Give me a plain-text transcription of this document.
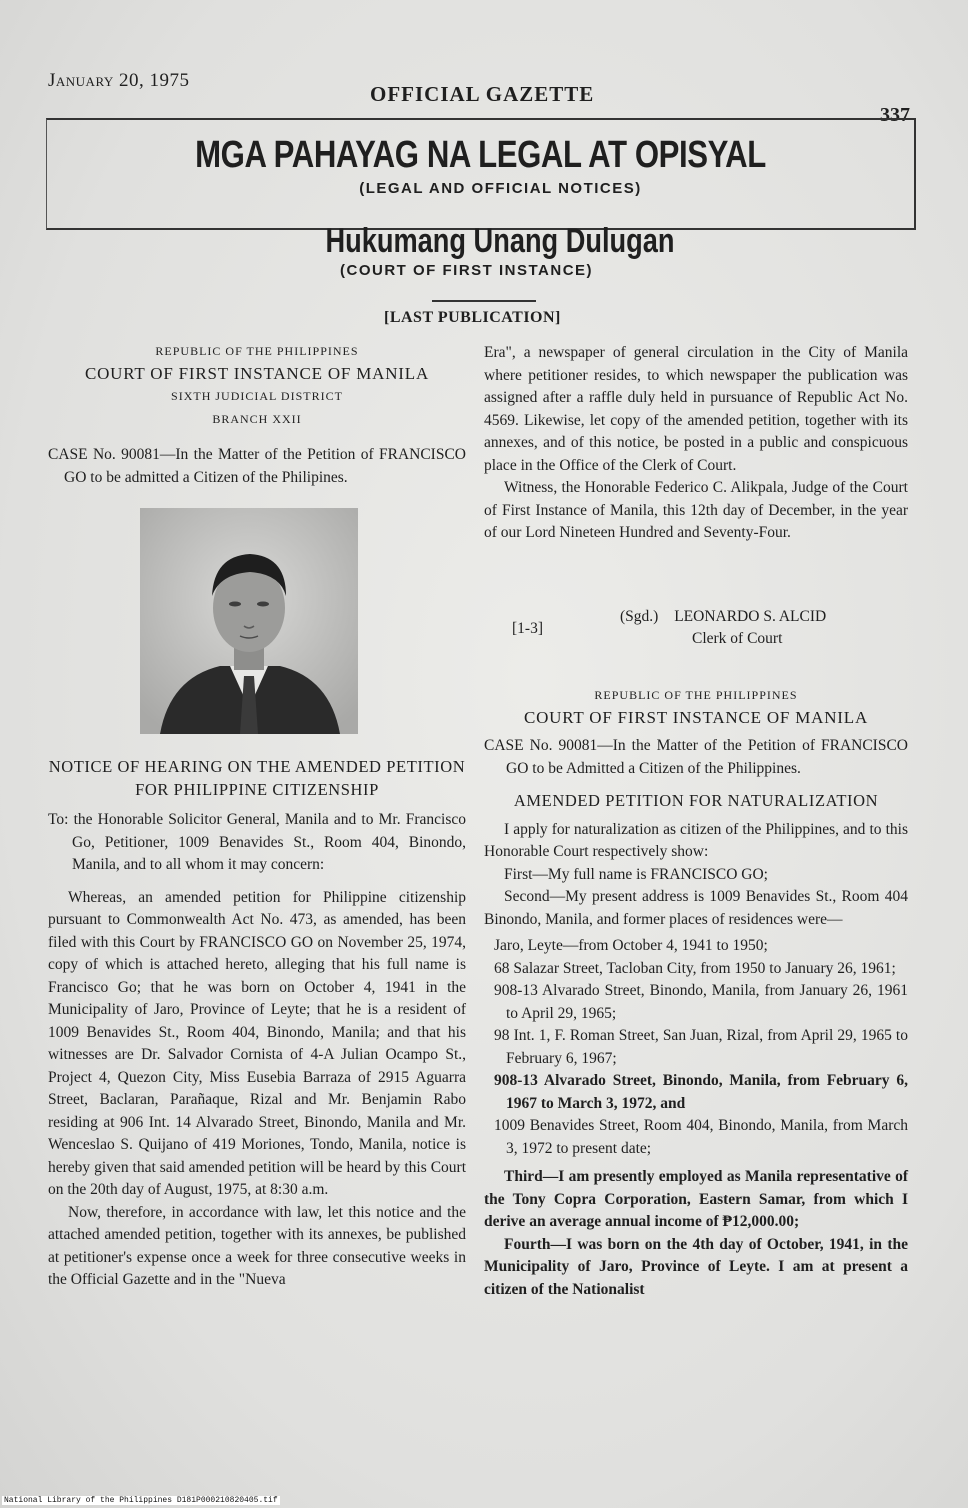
January 20, 1975
OFFICIAL GAZETTE
337
MGA PAHAYAG NA LEGAL AT OPISYAL
(LEGAL AND OFFICIAL NOTICES)
Hukumang Unang Dulugan
(COURT OF FIRST INSTANCE)
[LAST PUBLICATION]

REPUBLIC OF THE PHILIPPINES

COURT OF FIRST INSTANCE OF MANILA

SIXTH JUDICIAL DISTRICT

BRANCH XXII

CASE No. 90081—In the Matter of the Petition of FRANCISCO GO to be admitted a Citizen of the Philipines.

NOTICE OF HEARING ON THE AMENDED PETITION FOR PHILIPPINE CITIZENSHIP

To: the Honorable Solicitor General, Manila and to Mr. Francisco Go, Petitioner, 1009 Benavides St., Room 404, Binondo, Manila, and to all whom it may concern:

Whereas, an amended petition for Philippine citizenship pursuant to Commonwealth Act No. 473, as amended, has been filed with this Court by FRANCISCO GO on November 25, 1974, copy of which is attached hereto, alleging that his full name is Francisco Go; that he was born on October 4, 1941 in the Municipality of Jaro, Province of Leyte; that he is a resident of 1009 Benavides St., Room 404, Binondo, Manila; and that his witnesses are Dr. Salvador Cornista of 4-A Julian Ocampo St., Project 4, Quezon City, Miss Eusebia Barraza of 2915 Aguarra Street, Baclaran, Parañaque, Rizal and Mr. Benjamin Rabo residing at 906 Int. 14 Alvarado Street, Binondo, Manila and Mr. Wenceslao S. Quijano of 419 Moriones, Tondo, Manila, notice is hereby given that said amended petition will be heard by this Court on the 20th day of August, 1975, at 8:30 a.m.

Now, therefore, in accordance with law, let this notice and the attached amended petition, together with its annexes, be published at petitioner's expense once a week for three consecutive weeks in the Official Gazette and in the "Nueva

Era", a newspaper of general circulation in the City of Manila where petitioner resides, to which newspaper the publication was assigned after a raffle duly held in pursuance of Republic Act No. 4569. Likewise, let copy of the amended petition, together with its annexes, and of this notice, be posted in a public and conspicuous place in the Office of the Clerk of Court.

Witness, the Honorable Federico C. Alikpala, Judge of the Court of First Instance of Manila, this 12th day of December, in the year of our Lord Nineteen Hundred and Seventy-Four.

(Sgd.) LEONARDO S. ALCID
Clerk of Court
[1-3]

REPUBLIC OF THE PHILIPPINES

COURT OF FIRST INSTANCE OF MANILA

CASE No. 90081—In the Matter of the Petition of FRANCISCO GO to be Admitted a Citizen of the Philippines.

AMENDED PETITION FOR NATURALIZATION

I apply for naturalization as citizen of the Philippines, and to this Honorable Court respectively show:

First—My full name is FRANCISCO GO;

Second—My present address is 1009 Benavides St., Room 404 Binondo, Manila, and former places of residences were—

Jaro, Leyte—from October 4, 1941 to 1950;
68 Salazar Street, Tacloban City, from 1950 to January 26, 1961;
908-13 Alvarado Street, Binondo, Manila, from January 26, 1961 to April 29, 1965;
98 Int. 1, F. Roman Street, San Juan, Rizal, from April 29, 1965 to February 6, 1967;
908-13 Alvarado Street, Binondo, Manila, from February 6, 1967 to March 3, 1972, and
1009 Benavides Street, Room 404, Binondo, Manila, from March 3, 1972 to present date;

Third—I am presently employed as Manila representative of the Tony Copra Corporation, Eastern Samar, from which I derive an average annual income of ₱12,000.00;

Fourth—I was born on the 4th day of October, 1941, in the Municipality of Jaro, Province of Leyte. I am at present a citizen of the Nationalist

National Library of the Philippines D181P000210820405.tif
